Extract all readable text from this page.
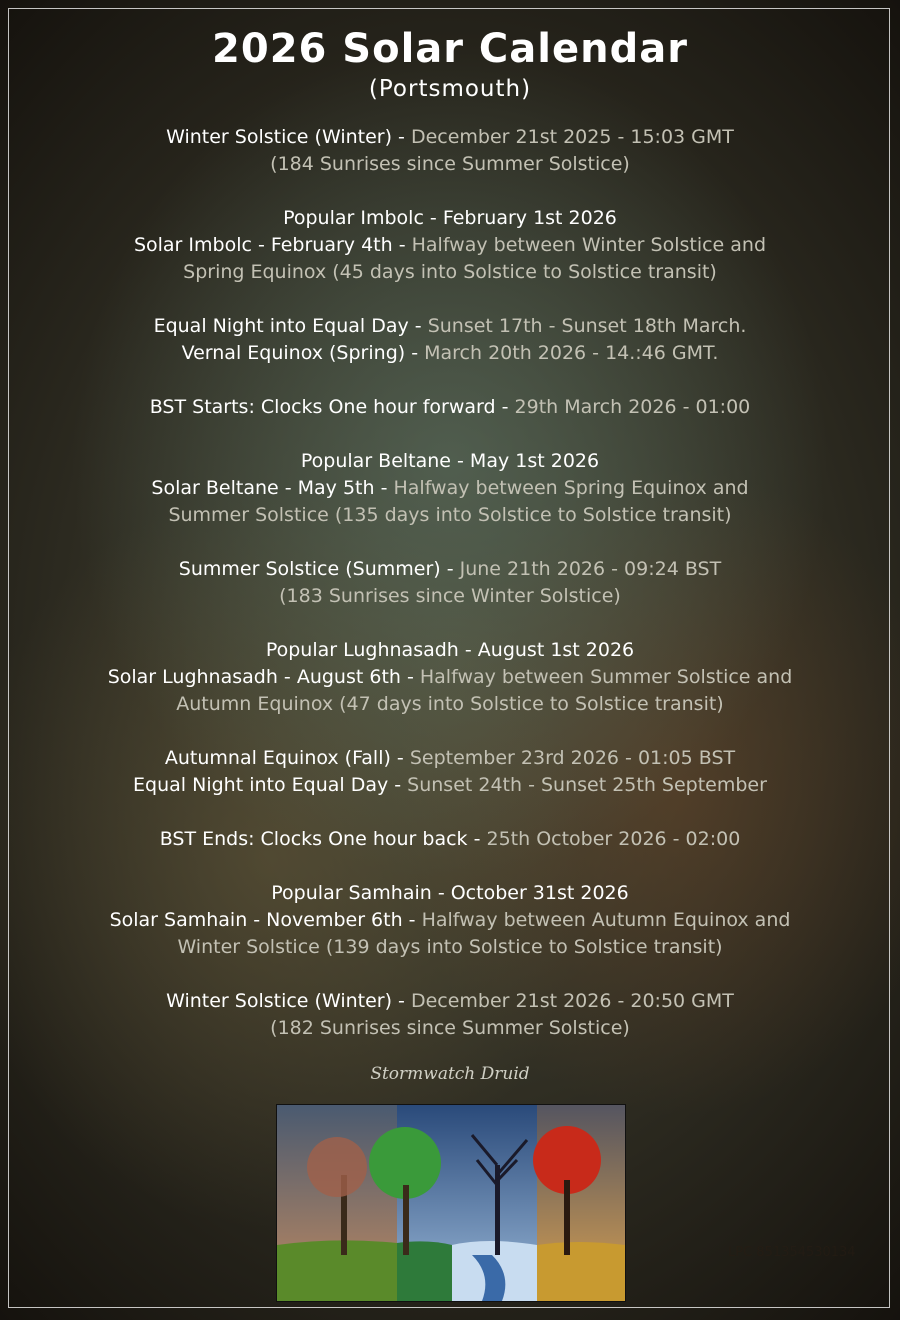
2026 Solar Calendar
(Portsmouth)
Winter Solstice (Winter) - December 21st 2025 - 15:03 GMT
(184 Sunrises since Summer Solstice)
Popular Imbolc - February 1st 2026
Solar Imbolc - February 4th - Halfway between Winter Solstice and
Spring Equinox (45 days into Solstice to Solstice transit)
Equal Night into Equal Day - Sunset 17th - Sunset 18th March.
Vernal Equinox (Spring) - March 20th 2026 - 14.:46 GMT.
BST Starts: Clocks One hour forward - 29th March 2026 - 01:00
Popular Beltane - May 1st 2026
Solar Beltane - May 5th - Halfway between Spring Equinox and
Summer Solstice (135 days into Solstice to Solstice transit)
Summer Solstice (Summer) - June 21th 2026 - 09:24 BST
(183 Sunrises since Winter Solstice)
Popular Lughnasadh - August 1st 2026
Solar Lughnasadh - August 6th - Halfway between Summer Solstice and
Autumn Equinox (47 days into Solstice to Solstice transit)
Autumnal Equinox (Fall) - September 23rd 2026 - 01:05 BST
Equal Night into Equal Day - Sunset 24th - Sunset 25th September
BST Ends: Clocks One hour back - 25th October 2026 - 02:00
Popular Samhain - October 31st 2026
Solar Samhain - November 6th - Halfway between Autumn Equinox and
Winter Solstice (139 days into Solstice to Solstice transit)
Winter Solstice (Winter) - December 21st 2026 - 20:50 GMT
(182 Sunrises since Summer Solstice)
Stormwatch Druid
LPC 851354530134
